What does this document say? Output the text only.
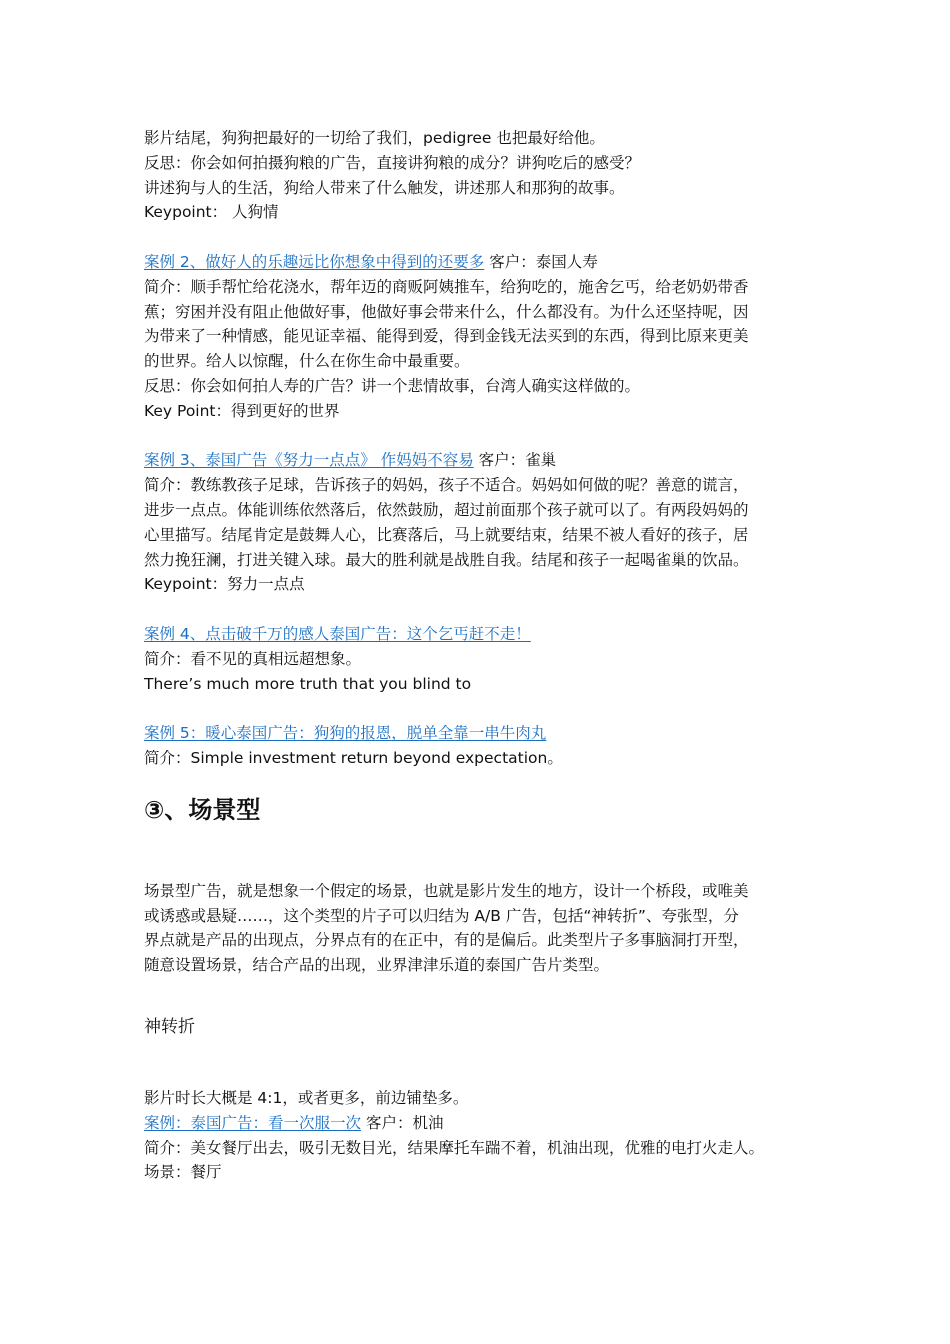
影片结尾，狗狗把最好的一切给了我们，pedigree 也把最好给他。

反思：你会如何拍摄狗粮的广告，直接讲狗粮的成分？讲狗吃后的感受？

讲述狗与人的生活，狗给人带来了什么触发，讲述那人和那狗的故事。

Keypoint： 人狗情

案例 2、做好人的乐趣远比你想象中得到的还要多 客户：泰国人寿

简介：顺手帮忙给花浇水，帮年迈的商贩阿姨推车，给狗吃的，施舍乞丐，给老奶奶带香

蕉；穷困并没有阻止他做好事，他做好事会带来什么，什么都没有。为什么还坚持呢，因

为带来了一种情感，能见证幸福、能得到爱，得到金钱无法买到的东西，得到比原来更美

的世界。给人以惊醒，什么在你生命中最重要。

反思：你会如何拍人寿的广告？讲一个悲情故事，台湾人确实这样做的。

Key Point：得到更好的世界

案例 3、泰国广告《努力一点点》 作妈妈不容易 客户：雀巢

简介：教练教孩子足球，告诉孩子的妈妈，孩子不适合。妈妈如何做的呢？善意的谎言，

进步一点点。体能训练依然落后，依然鼓励，超过前面那个孩子就可以了。有两段妈妈的

心里描写。结尾肯定是鼓舞人心，比赛落后，马上就要结束，结果不被人看好的孩子，居

然力挽狂澜，打进关键入球。最大的胜利就是战胜自我。结尾和孩子一起喝雀巢的饮品。

Keypoint：努力一点点

案例 4、点击破千万的感人泰国广告：这个乞丐赶不走！

简介：看不见的真相远超想象。

There’s much more truth that you blind to

案例 5：暖心泰国广告：狗狗的报恩，脱单全靠一串牛肉丸

简介：Simple investment return beyond expectation。

③、场景型

场景型广告，就是想象一个假定的场景，也就是影片发生的地方，设计一个桥段，或唯美

或诱惑或悬疑……，这个类型的片子可以归结为 A/B 广告，包括“神转折”、夸张型，分

界点就是产品的出现点，分界点有的在正中，有的是偏后。此类型片子多事脑洞打开型，

随意设置场景，结合产品的出现，业界津津乐道的泰国广告片类型。

神转折

影片时长大概是 4:1，或者更多，前边铺垫多。

案例：泰国广告：看一次服一次 客户：机油

简介：美女餐厅出去，吸引无数目光，结果摩托车踹不着，机油出现，优雅的电打火走人。

场景：餐厅
